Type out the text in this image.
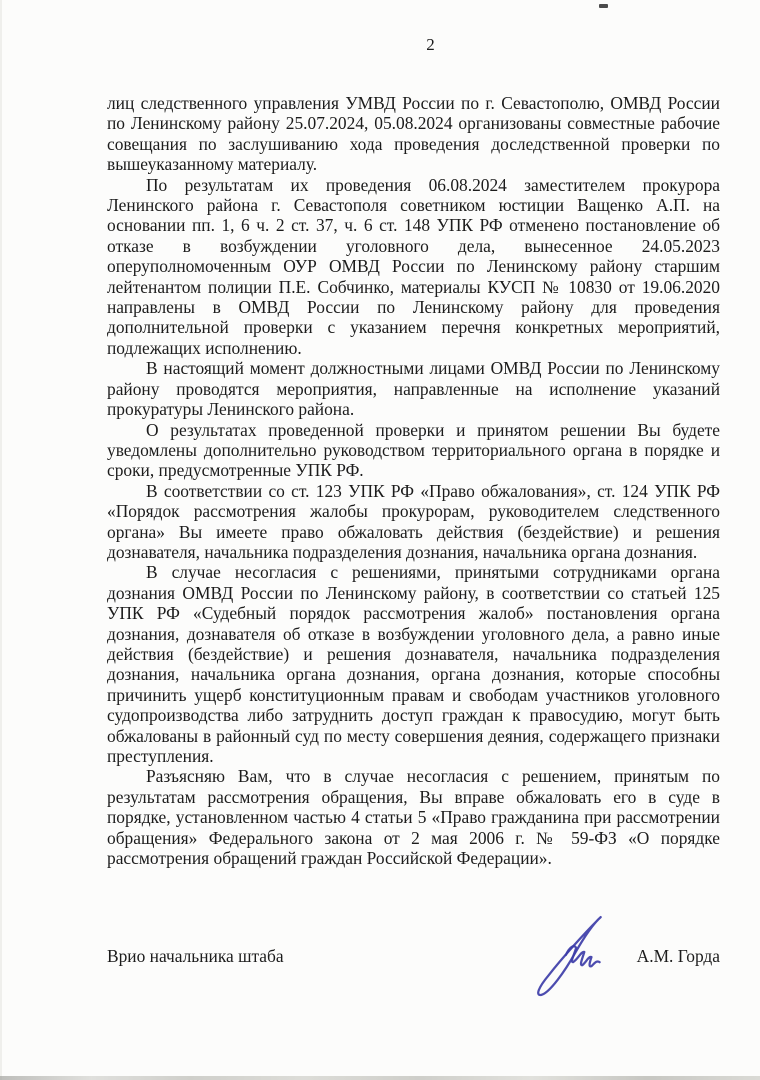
2

лиц следственного управления УМВД России по г. Севастополю, ОМВД России по Ленинскому району 25.07.2024, 05.08.2024 организованы совместные рабочие совещания по заслушиванию хода проведения доследственной проверки по вышеуказанному материалу.

По результатам их проведения 06.08.2024 заместителем прокурора Ленинского района г. Севастополя советником юстиции Ващенко А.П. на основании пп. 1, 6 ч. 2 ст. 37, ч. 6 ст. 148 УПК РФ отменено постановление об отказе в возбуждении уголовного дела, вынесенное 24.05.2023 оперуполномоченным ОУР ОМВД России по Ленинскому району старшим лейтенантом полиции П.Е. Собчинко, материалы КУСП № 10830 от 19.06.2020 направлены в ОМВД России по Ленинскому району для проведения дополнительной проверки с указанием перечня конкретных мероприятий, подлежащих исполнению.

В настоящий момент должностными лицами ОМВД России по Ленинскому району проводятся мероприятия, направленные на исполнение указаний прокуратуры Ленинского района.

О результатах проведенной проверки и принятом решении Вы будете уведомлены дополнительно руководством территориального органа в порядке и сроки, предусмотренные УПК РФ.

В соответствии со ст. 123 УПК РФ «Право обжалования», ст. 124 УПК РФ «Порядок рассмотрения жалобы прокурорам, руководителем следственного органа» Вы имеете право обжаловать действия (бездействие) и решения дознавателя, начальника подразделения дознания, начальника органа дознания.

В случае несогласия с решениями, принятыми сотрудниками органа дознания ОМВД России по Ленинскому району, в соответствии со статьей 125 УПК РФ «Судебный порядок рассмотрения жалоб» постановления органа дознания, дознавателя об отказе в возбуждении уголовного дела, а равно иные действия (бездействие) и решения дознавателя, начальника подразделения дознания, начальника органа дознания, органа дознания, которые способны причинить ущерб конституционным правам и свободам участников уголовного судопроизводства либо затруднить доступ граждан к правосудию, могут быть обжалованы в районный суд по месту совершения деяния, содержащего признаки преступления.

Разъясняю Вам, что в случае несогласия с решением, принятым по результатам рассмотрения обращения, Вы вправе обжаловать его в суде в порядке, установленном частью 4 статьи 5 «Право гражданина при рассмотрении обращения» Федерального закона от 2 мая 2006 г. № 59-ФЗ «О порядке рассмотрения обращений граждан Российской Федерации».

Врио начальника штаба	А.М. Горда
